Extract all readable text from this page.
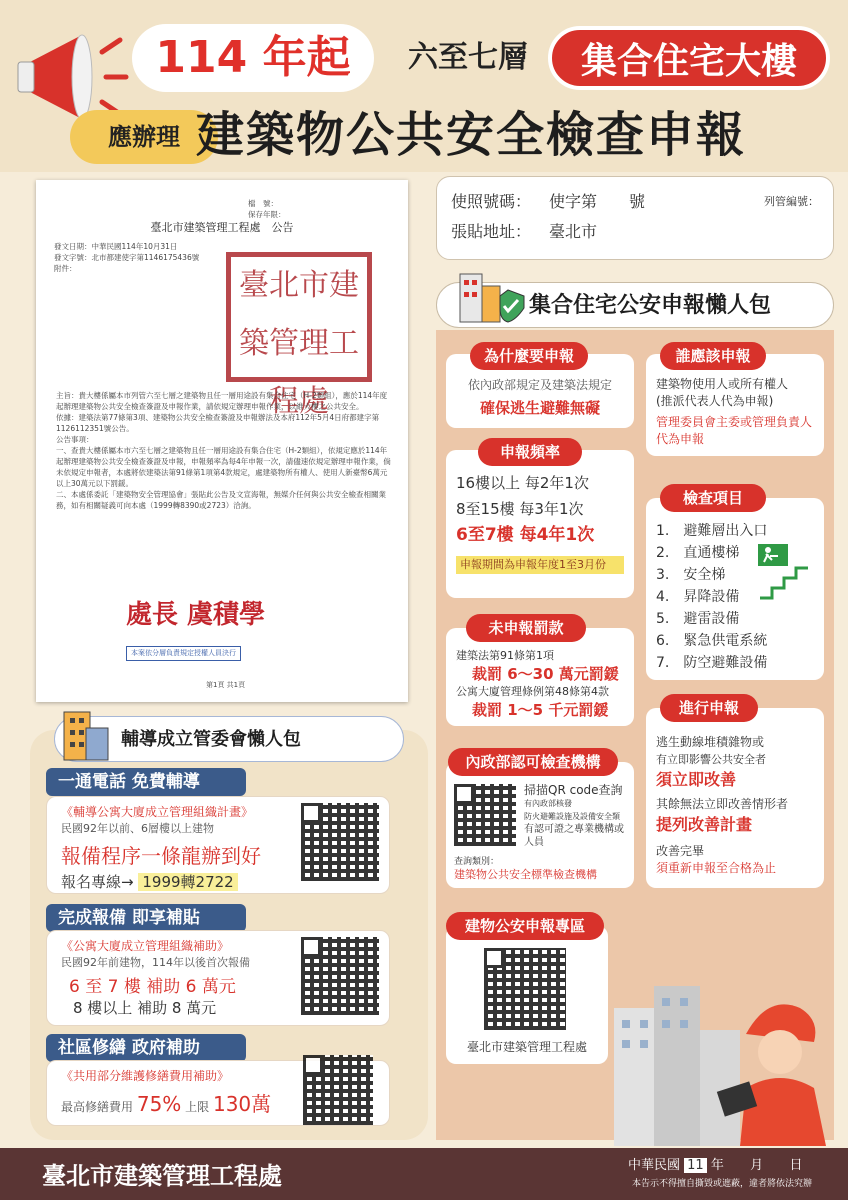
114 年起	六至七層	集合住宅大樓
應辦理 建築物公共安全檢查申報
檔　號：
保存年限：
臺北市建築管理工程處　公告
發文日期：中華民國114年10月31日
發文字號：北市都建使字第1146175436號
附件：	臺北市建築管理工程處

主旨：貴大樓係屬本市列管六至七層之建築物且任一層用途設有集合住宅（H-2類組），應於114年度起辦理建築物公共安全檢查簽證及申報作業，請依規定辦理申報作業，以維大樓之公共安全。

依據：建築法第77條第3項、建築物公共安全檢查簽證及申報辦法及本府112年5月4日府都建字第1126112351號公告。

公告事項：

一、查貴大樓係屬本市六至七層之建築物且任一層用途設有集合住宅（H-2類組），依規定應於114年起辦理建築物公共安全檢查簽證及申報，申報頻率為每4年申報一次，請儘速依規定辦理申報作業，倘未依規定申報者，本處將依建築法第91條第1項第4款規定，處建築物所有權人、使用人新臺幣6萬元以上30萬元以下罰鍰。

二、本處係委託「建築物安全管理協會」張貼此公告及文宣海報，無媒介任何與公共安全檢查相關業務，如有相關疑義可向本處（1999轉8390或2723）洽詢。

處長 虞積學
本案依分層負責規定授權人員決行
第1頁 共1頁
使照號碼： 使字第　　號	列管編號：
張貼地址： 臺北市
集合住宅公安申報懶人包
依內政部規定及建築法規定
確保逃生避難無礙
為什麼要申報
建築物使用人或所有權人
(推派代表人代為申報)
管理委員會主委或管理負責人代為申報
誰應該申報
16樓以上 每2年1次
8至15樓 每3年1次
6至7樓 每4年1次
申報期間為申報年度1至3月份
申報頻率
1.　避難層出入口
2.　直通樓梯
3.　安全梯
4.　昇降設備
5.　避雷設備
6.　緊急供電系統
7.　防空避難設備
檢查項目
建築法第91條第1項
裁罰 6～30 萬元罰鍰
公寓大廈管理條例第48條第4款
裁罰 1～5 千元罰鍰
未申報罰款
掃描QR code查詢
有內政部核發
防火避難設施及設備安全類
有認可證之專業機構或人員
查詢類別：
建築物公共安全標準檢查機構
內政部認可檢查機構
逃生動線堆積雜物或
有立即影響公共安全者
須立即改善
其餘無法立即改善情形者
提列改善計畫
改善完畢
須重新申報至合格為止
進行申報
臺北市建築管理工程處
建物公安申報專區
輔導成立管委會懶人包
一通電話 免費輔導
《輔導公寓大廈成立管理組織計畫》
民國92年以前、6層樓以上建物
報備程序一條龍辦到好
報名專線→ 1999轉2722
完成報備 即享補貼
《公寓大廈成立管理組織補助》
民國92年前建物，114年以後首次報備
6 至 7 樓 補助 6 萬元
8 樓以上 補助 8 萬元
社區修繕 政府補助
《共用部分維護修繕費用補助》
最高修繕費用 75% 上限 130萬
臺北市建築管理工程處	中華民國 11 年 月 日
本告示不得擅自撕毀或遮蔽，違者將依法究辦
